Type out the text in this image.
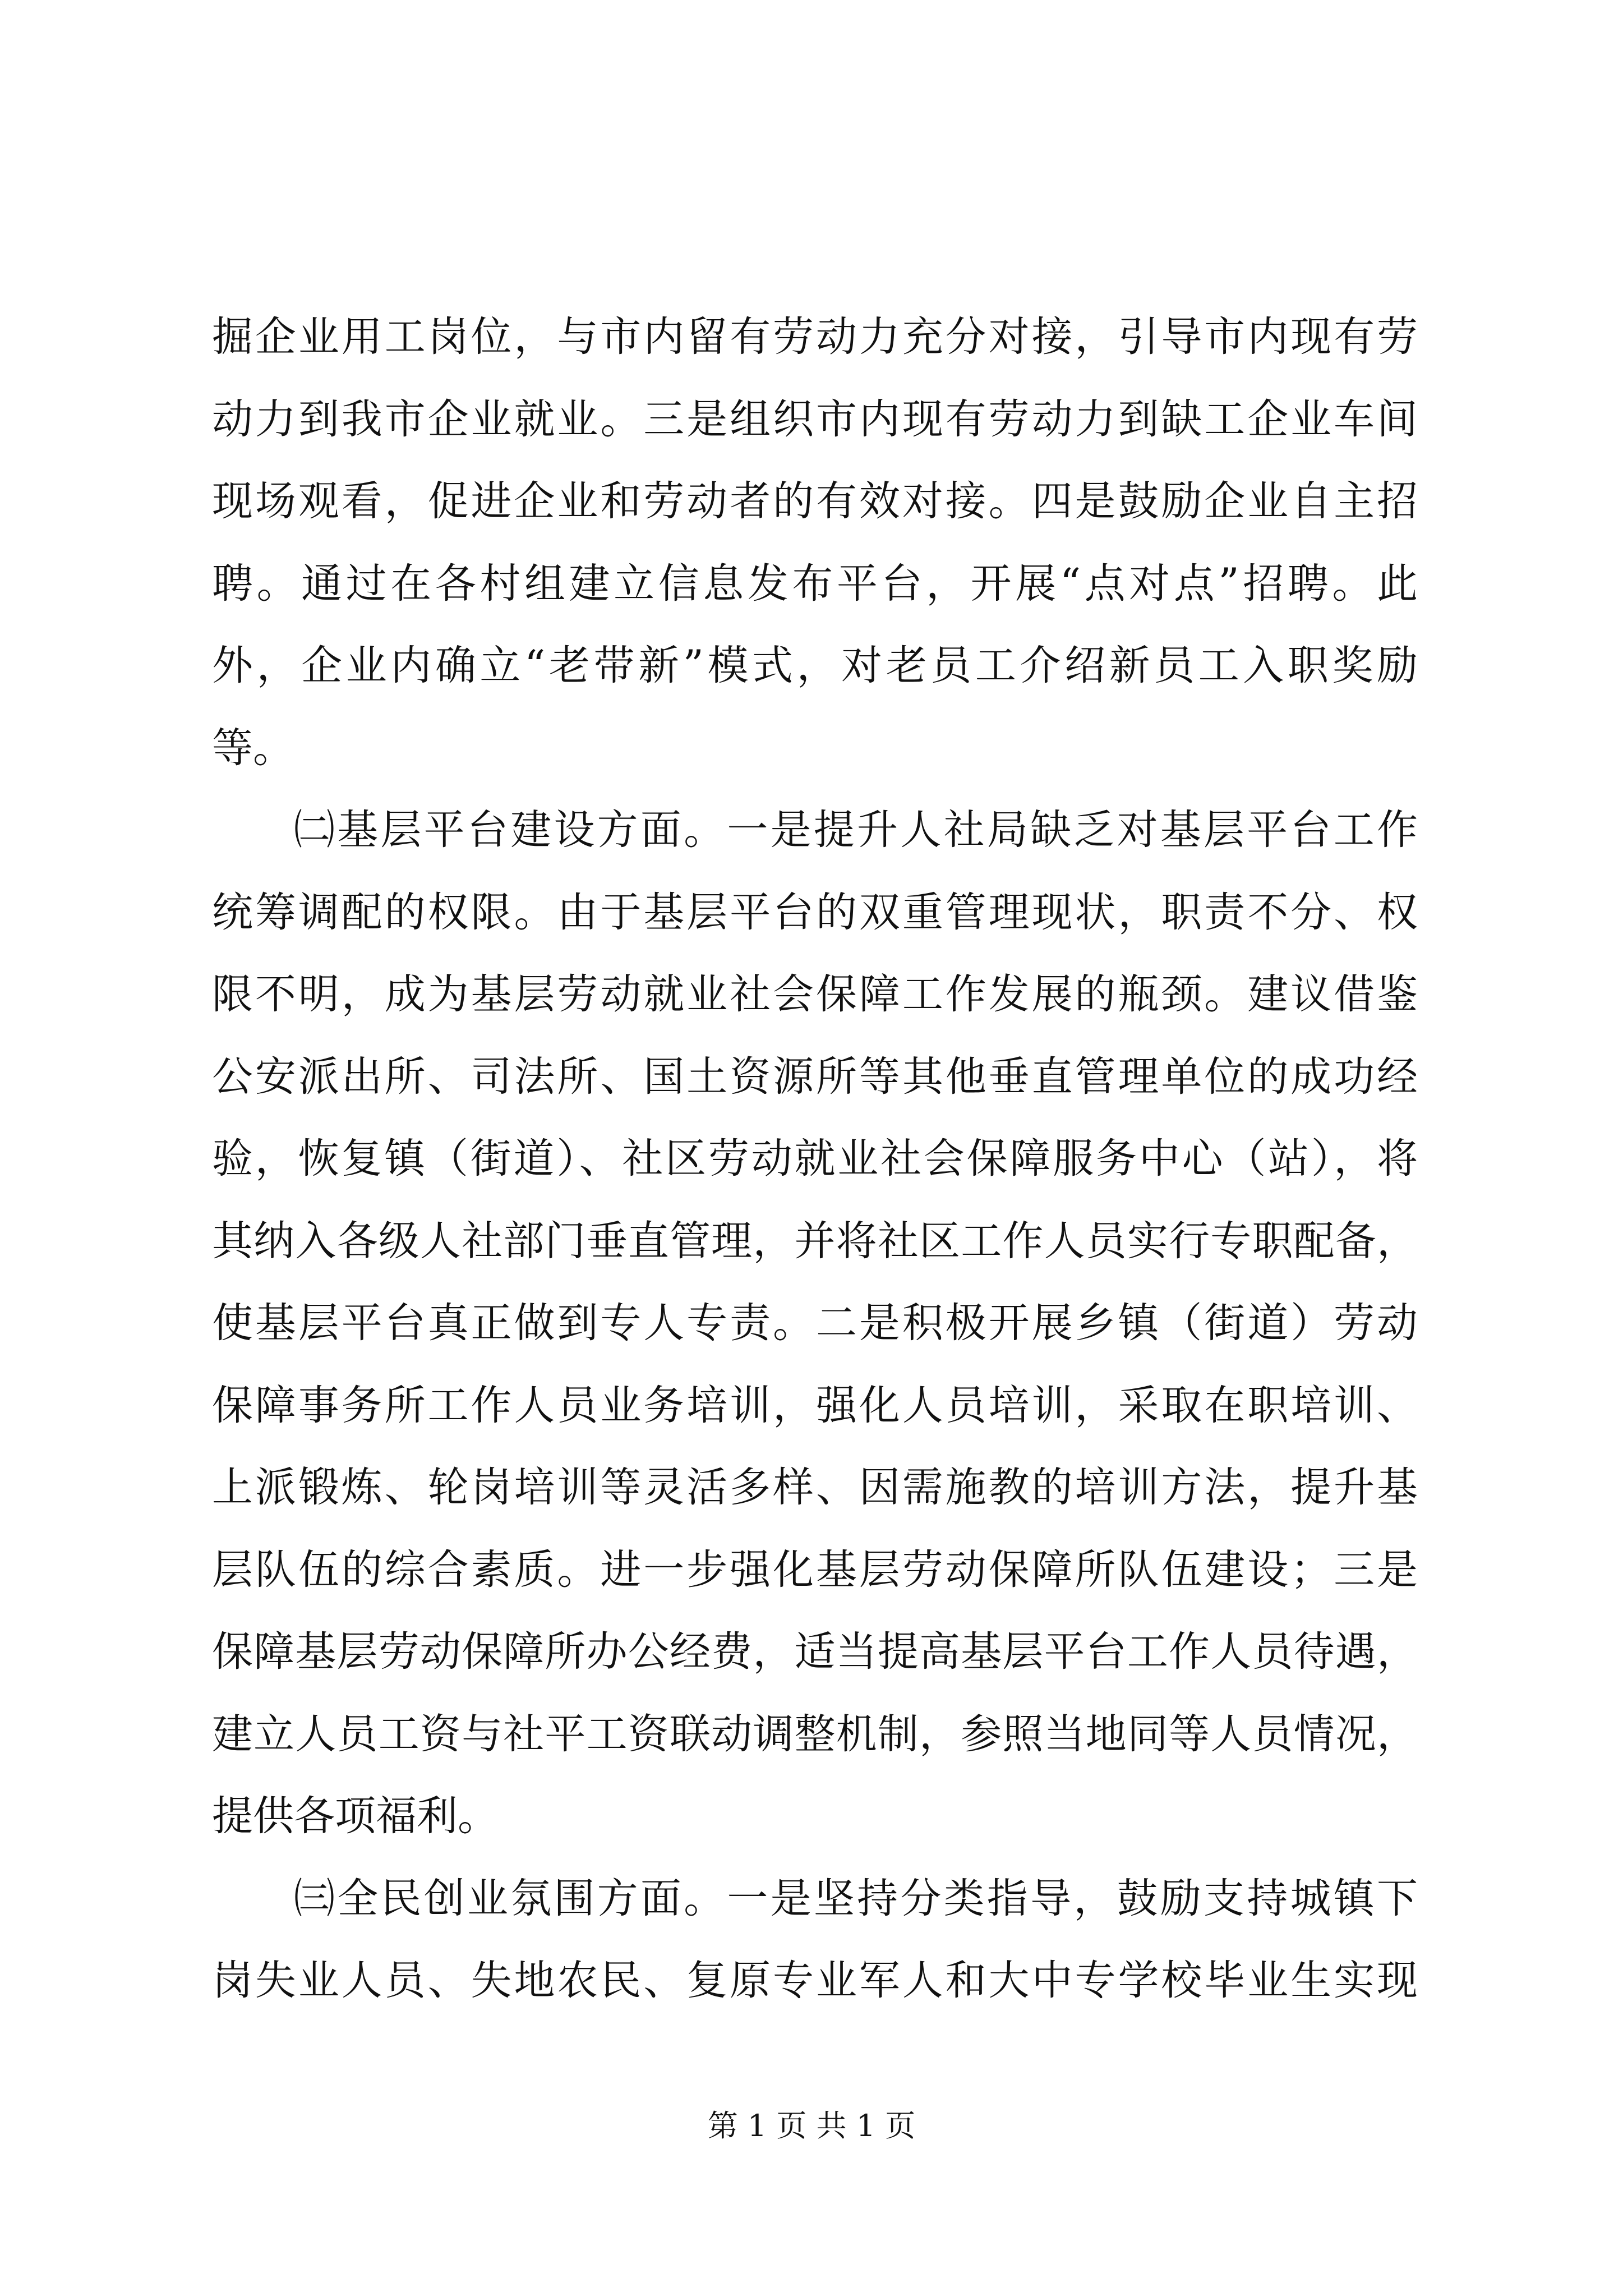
掘企业用工岗位，与市内留有劳动力充分对接，引导市内现有劳
动力到我市企业就业。三是组织市内现有劳动力到缺工企业车间
现场观看，促进企业和劳动者的有效对接。四是鼓励企业自主招
聘。通过在各村组建立信息发布平台，开展“点对点”招聘。此
外，企业内确立“老带新”模式，对老员工介绍新员工入职奖励
等。
㈡基层平台建设方面。一是提升人社局缺乏对基层平台工作
统筹调配的权限。由于基层平台的双重管理现状，职责不分、权
限不明，成为基层劳动就业社会保障工作发展的瓶颈。建议借鉴
公安派出所、司法所、国土资源所等其他垂直管理单位的成功经
验，恢复镇（街道）、社区劳动就业社会保障服务中心（站），将
其纳入各级人社部门垂直管理，并将社区工作人员实行专职配备，
使基层平台真正做到专人专责。二是积极开展乡镇（街道）劳动
保障事务所工作人员业务培训，强化人员培训，采取在职培训、
上派锻炼、轮岗培训等灵活多样、因需施教的培训方法，提升基
层队伍的综合素质。进一步强化基层劳动保障所队伍建设；三是
保障基层劳动保障所办公经费，适当提高基层平台工作人员待遇，
建立人员工资与社平工资联动调整机制，参照当地同等人员情况，
提供各项福利。
㈢全民创业氛围方面。一是坚持分类指导，鼓励支持城镇下
岗失业人员、失地农民、复原专业军人和大中专学校毕业生实现
第 1 页 共 1 页
